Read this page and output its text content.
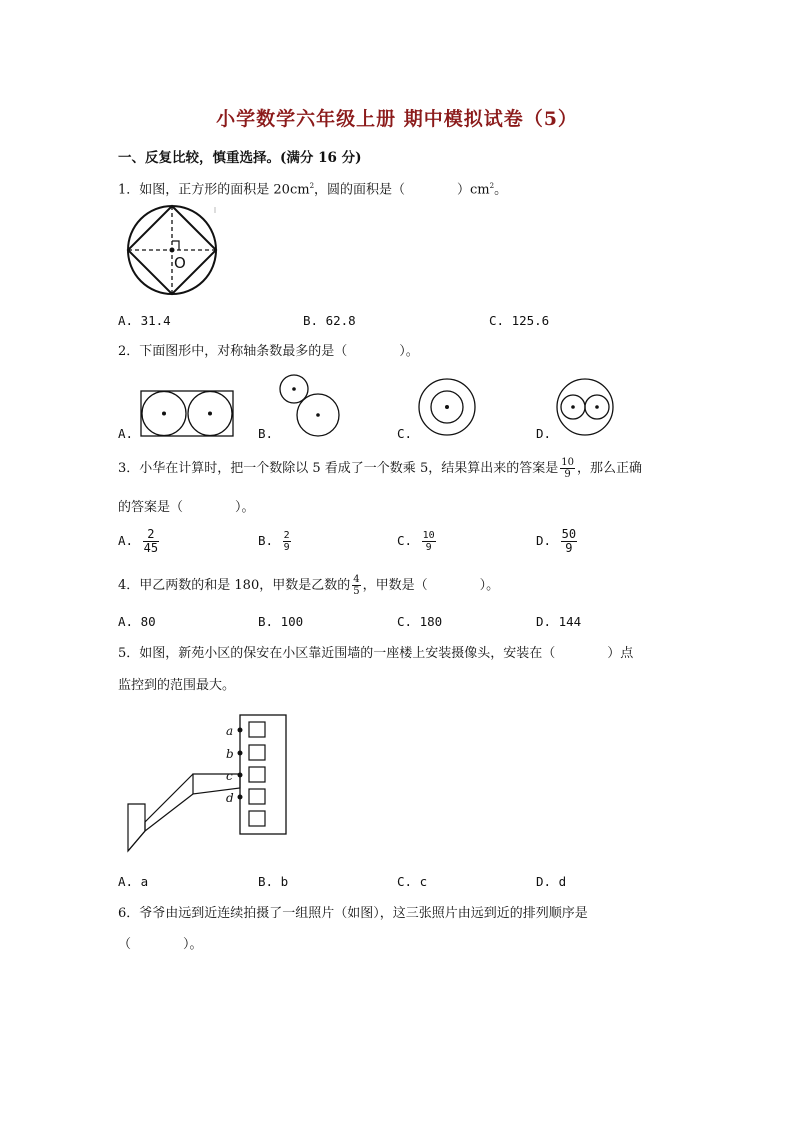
小学数学六年级上册 期中模拟试卷（5）
一、反复比较，慎重选择。(满分 16 分)
1．如图，正方形的面积是 $20cm^2$，圆的面积是（　　　　）$cm^2$。
O
A. 31.4	B. 62.8	C. 125.6
2．下面图形中，对称轴条数最多的是（　　　　）。
A.	B.	C.	D.
3．小华在计算时，把一个数除以 5 看成了一个数乘 5，结果算出来的答案是 $\frac{10}{9}$ ，那么正确
的答案是（　　　　）。
A. $\frac{2}{45}$	B. $\frac{2}{9}$	C. $\frac{10}{9}$	D. $\frac{50}{9}$
4．甲乙两数的和是 180，甲数是乙数的 $\frac{4}{5}$ ，甲数是（　　　　）。
A. 80	B. 100	C. 180	D. 144
5．如图，新苑小区的保安在小区靠近围墙的一座楼上安装摄像头，安装在（　　　　）点
监控到的范围最大。
a
b
c
d
A. a	B. b	C. c	D. d
6．爷爷由远到近连续拍摄了一组照片（如图），这三张照片由远到近的排列顺序是
（　　　　）。
